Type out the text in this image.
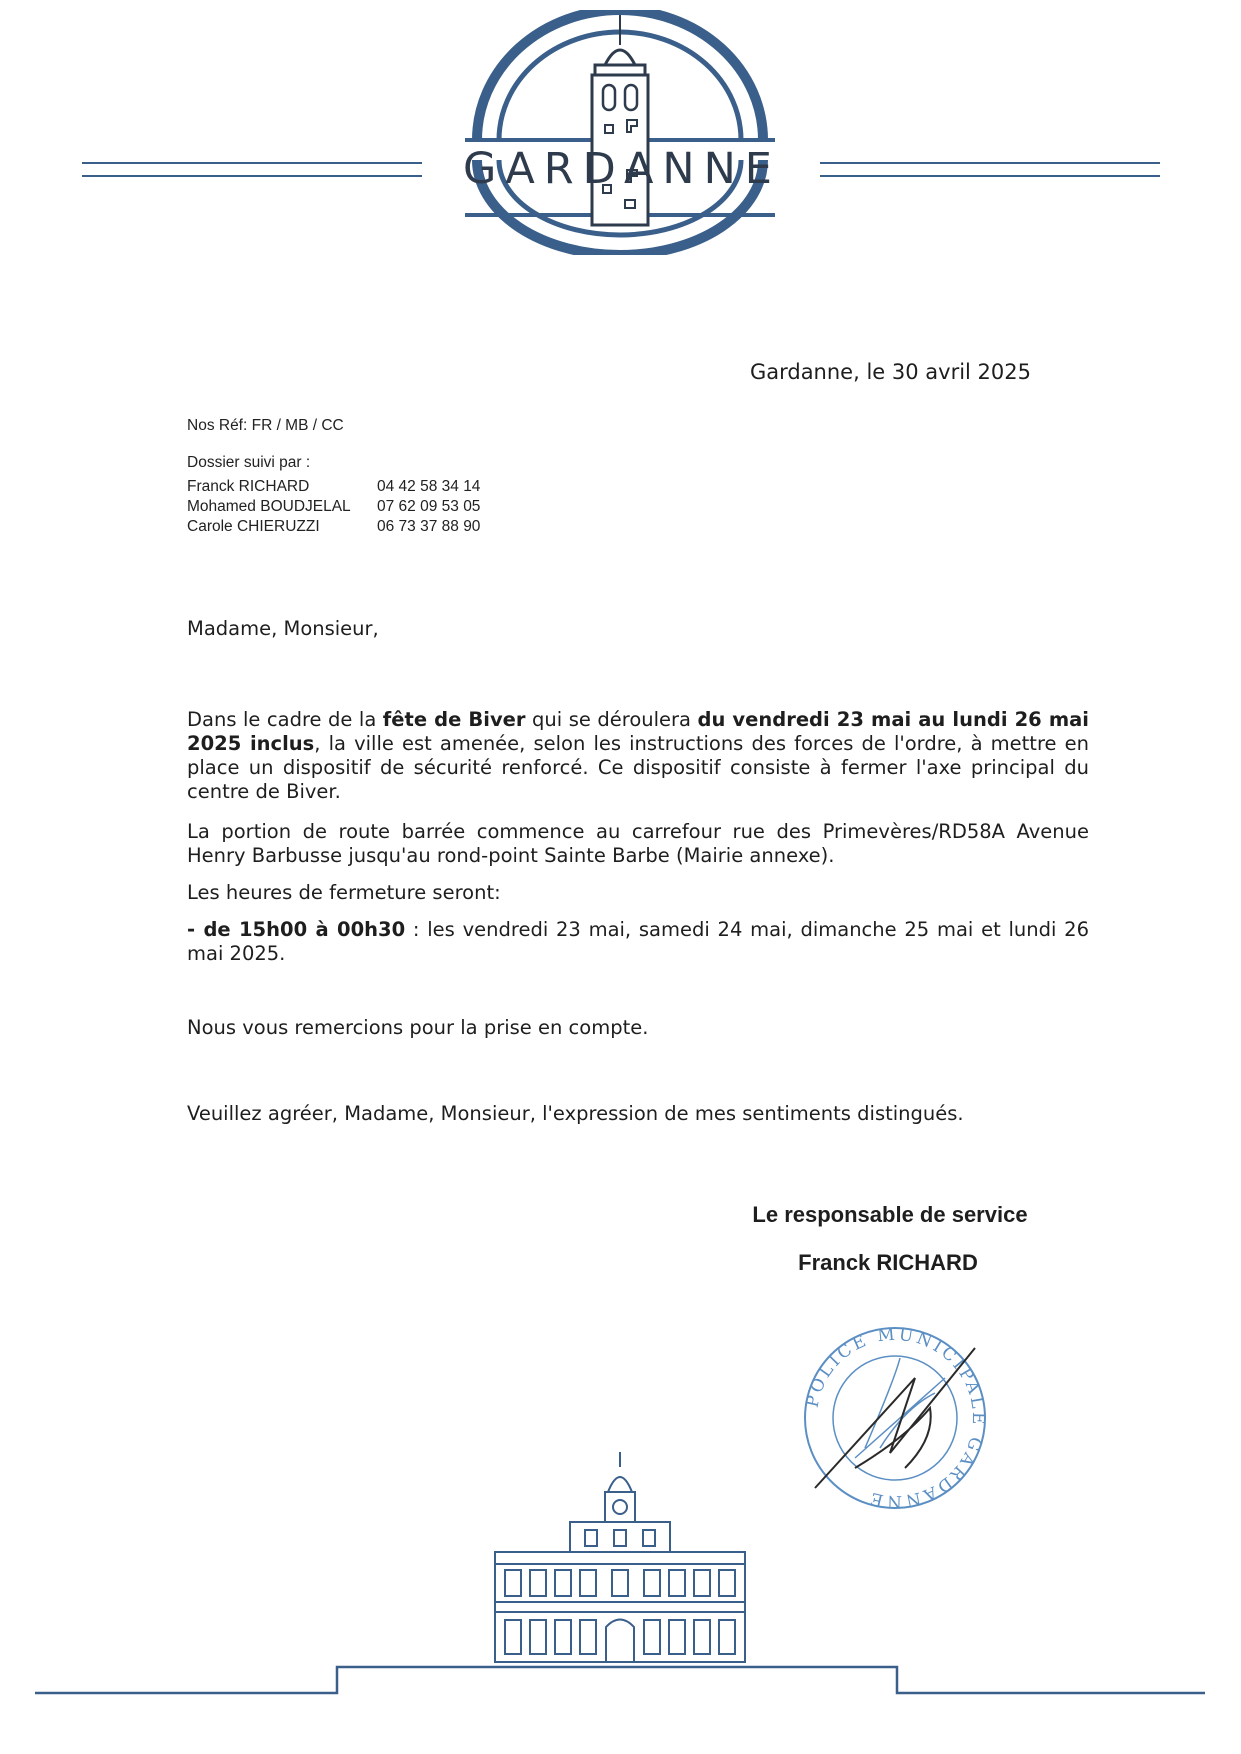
GARDANNE
Gardanne, le 30 avril 2025
Nos Réf: FR / MB / CC
Dossier suivi par :
Franck RICHARD	04 42 58 34 14
Mohamed BOUDJELAL 07 62 09 53 05
Carole CHIERUZZI	06 73 37 88 90
Madame, Monsieur,
Dans le cadre de la fête de Biver qui se déroulera du vendredi 23 mai au lundi 26 mai 2025 inclus, la ville est amenée, selon les instructions des forces de l'ordre, à mettre en place un dispositif de sécurité renforcé. Ce dispositif consiste à fermer l'axe principal du centre de Biver.
La portion de route barrée commence au carrefour rue des Primevères/RD58A Avenue Henry Barbusse jusqu'au rond-point Sainte Barbe (Mairie annexe).
Les heures de fermeture seront:
- de 15h00 à 00h30 : les vendredi 23 mai, samedi 24 mai, dimanche 25 mai et lundi 26 mai 2025.
Nous vous remercions pour la prise en compte.
Veuillez agréer, Madame, Monsieur, l'expression de mes sentiments distingués.
Le responsable de service
Franck RICHARD
POLICE MUNICIPALE GARDANNE
